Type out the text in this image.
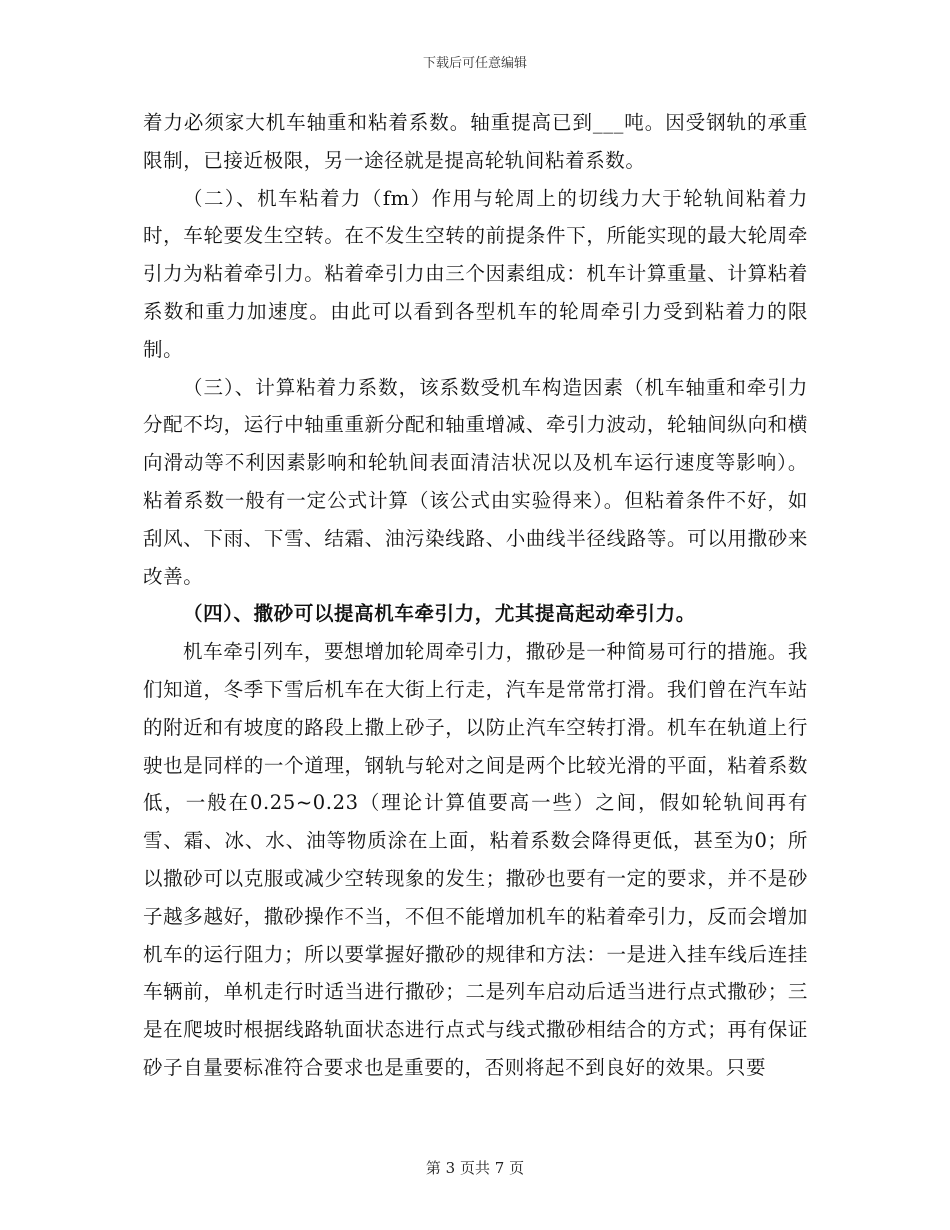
下载后可任意编辑

着力必须家大机车轴重和粘着系数。轴重提高已到___吨。因受钢轨的承重限制，已接近极限，另一途径就是提高轮轨间粘着系数。

（二）、机车粘着力（fm）作用与轮周上的切线力大于轮轨间粘着力时，车轮要发生空转。在不发生空转的前提条件下，所能实现的最大轮周牵引力为粘着牵引力。粘着牵引力由三个因素组成：机车计算重量、计算粘着系数和重力加速度。由此可以看到各型机车的轮周牵引力受到粘着力的限制。

（三）、计算粘着力系数，该系数受机车构造因素（机车轴重和牵引力分配不均，运行中轴重重新分配和轴重增减、牵引力波动，轮轴间纵向和横向滑动等不利因素影响和轮轨间表面清洁状况以及机车运行速度等影响）。粘着系数一般有一定公式计算（该公式由实验得来）。但粘着条件不好，如刮风、下雨、下雪、结霜、油污染线路、小曲线半径线路等。可以用撒砂来改善。

（四）、撒砂可以提高机车牵引力，尤其提高起动牵引力。

机车牵引列车，要想增加轮周牵引力，撒砂是一种简易可行的措施。我们知道，冬季下雪后机车在大街上行走，汽车是常常打滑。我们曾在汽车站的附近和有坡度的路段上撒上砂子，以防止汽车空转打滑。机车在轨道上行驶也是同样的一个道理，钢轨与轮对之间是两个比较光滑的平面，粘着系数低，一般在0.25~0.23（理论计算值要高一些）之间，假如轮轨间再有雪、霜、冰、水、油等物质涂在上面，粘着系数会降得更低，甚至为0；所以撒砂可以克服或减少空转现象的发生；撒砂也要有一定的要求，并不是砂子越多越好，撒砂操作不当，不但不能增加机车的粘着牵引力，反而会增加机车的运行阻力；所以要掌握好撒砂的规律和方法：一是进入挂车线后连挂车辆前，单机走行时适当进行撒砂；二是列车启动后适当进行点式撒砂；三是在爬坡时根据线路轨面状态进行点式与线式撒砂相结合的方式；再有保证砂子自量要标准符合要求也是重要的，否则将起不到良好的效果。只要

第 3 页共 7 页
